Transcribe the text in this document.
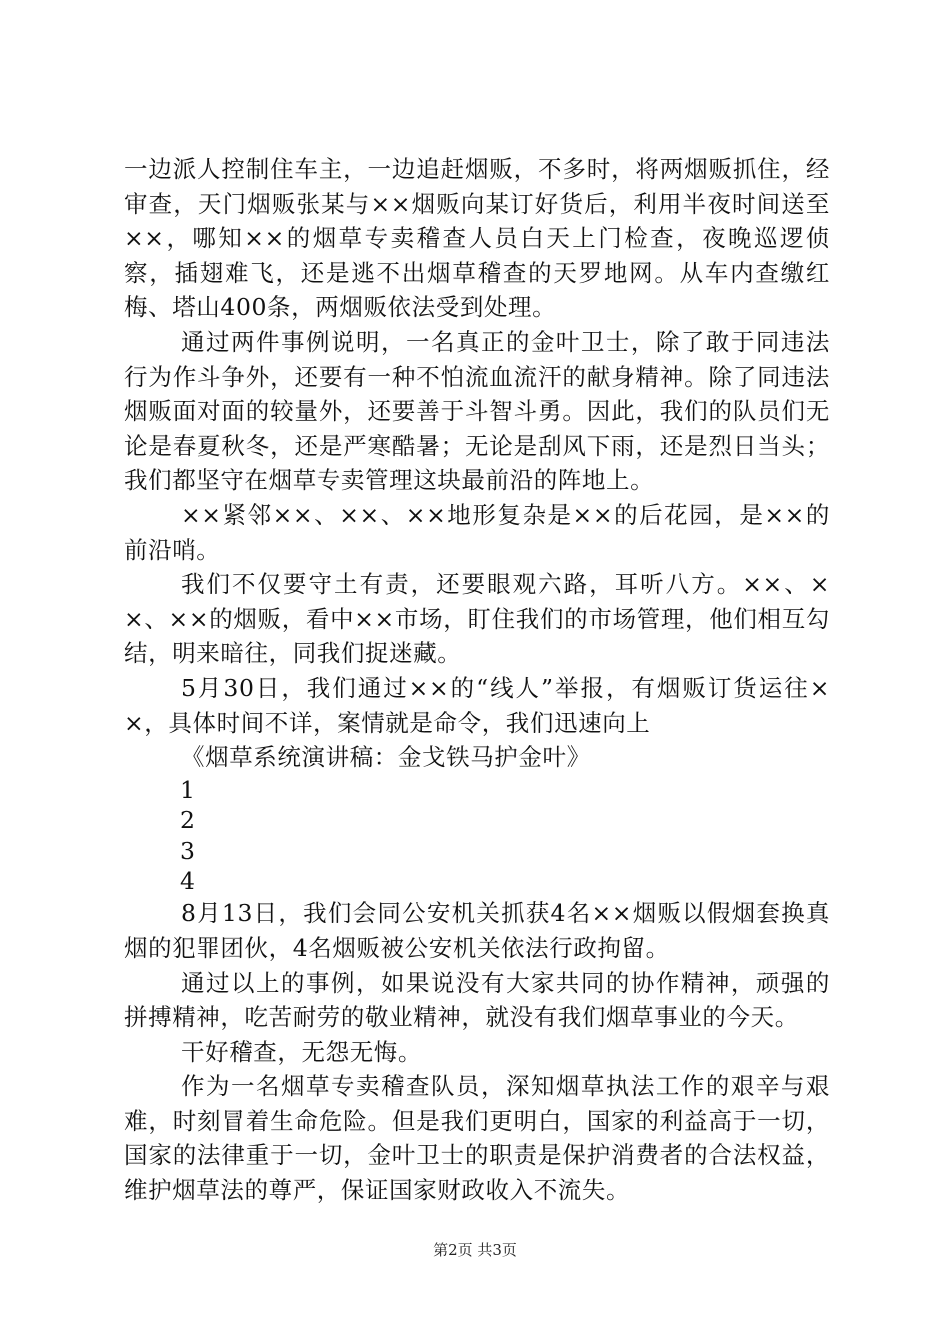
一边派人控制住车主，一边追赶烟贩，不多时，将两烟贩抓住，经审查，天门烟贩张某与××烟贩向某订好货后，利用半夜时间送至××，哪知××的烟草专卖稽查人员白天上门检查，夜晚巡逻侦察，插翅难飞，还是逃不出烟草稽查的天罗地网。从车内查缴红梅、塔山400条，两烟贩依法受到处理。

通过两件事例说明，一名真正的金叶卫士，除了敢于同违法行为作斗争外，还要有一种不怕流血流汗的献身精神。除了同违法烟贩面对面的较量外，还要善于斗智斗勇。因此，我们的队员们无论是春夏秋冬，还是严寒酷暑；无论是刮风下雨，还是烈日当头；我们都坚守在烟草专卖管理这块最前沿的阵地上。

××紧邻××、××、××地形复杂是××的后花园，是××的前沿哨。

我们不仅要守土有责，还要眼观六路，耳听八方。××、××、××的烟贩，看中××市场，盯住我们的市场管理，他们相互勾结，明来暗往，同我们捉迷藏。

5月30日，我们通过××的“线人”举报，有烟贩订货运往××，具体时间不详，案情就是命令，我们迅速向上

《烟草系统演讲稿：金戈铁马护金叶》

1

2

3

4

8月13日，我们会同公安机关抓获4名××烟贩以假烟套换真烟的犯罪团伙，4名烟贩被公安机关依法行政拘留。

通过以上的事例，如果说没有大家共同的协作精神，顽强的拼搏精神，吃苦耐劳的敬业精神，就没有我们烟草事业的今天。

干好稽查，无怨无悔。

作为一名烟草专卖稽查队员，深知烟草执法工作的艰辛与艰难，时刻冒着生命危险。但是我们更明白，国家的利益高于一切，国家的法律重于一切，金叶卫士的职责是保护消费者的合法权益，维护烟草法的尊严，保证国家财政收入不流失。

第2页 共3页
